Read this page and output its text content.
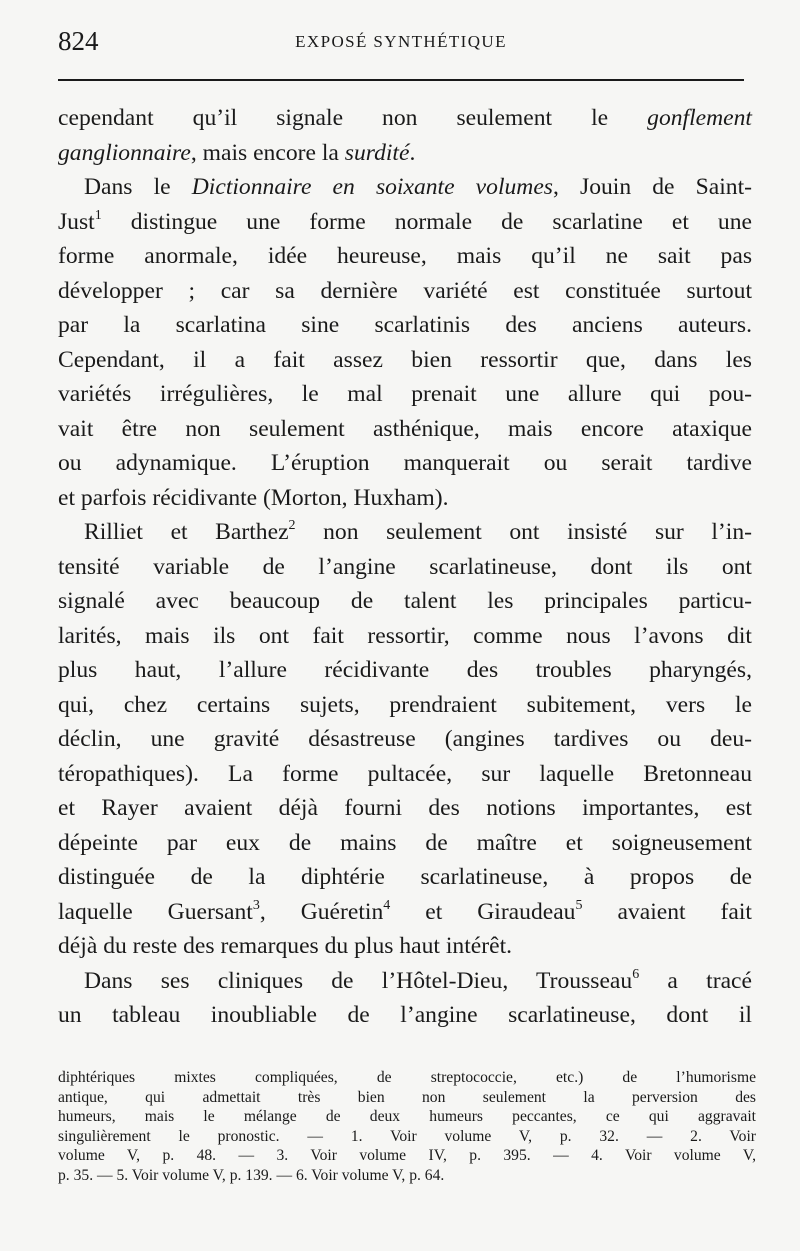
824	EXPOSÉ SYNTHÉTIQUE
cependant qu’il signale non seulement le gonflement
ganglionnaire, mais encore la surdité.
Dans le Dictionnaire en soixante volumes, Jouin de Saint-
Just$^1$ distingue une forme normale de scarlatine et une
forme anormale, idée heureuse, mais qu’il ne sait pas
développer ; car sa dernière variété est constituée surtout
par la scarlatina sine scarlatinis des anciens auteurs.
Cependant, il a fait assez bien ressortir que, dans les
variétés irrégulières, le mal prenait une allure qui pou-
vait être non seulement asthénique, mais encore ataxique
ou adynamique. L’éruption manquerait ou serait tardive
et parfois récidivante (Morton, Huxham).
Rilliet et Barthez$^2$ non seulement ont insisté sur l’in-
tensité variable de l’angine scarlatineuse, dont ils ont
signalé avec beaucoup de talent les principales particu-
larités, mais ils ont fait ressortir, comme nous l’avons dit
plus haut, l’allure récidivante des troubles pharyngés,
qui, chez certains sujets, prendraient subitement, vers le
déclin, une gravité désastreuse (angines tardives ou deu-
téropathiques). La forme pultacée, sur laquelle Bretonneau
et Rayer avaient déjà fourni des notions importantes, est
dépeinte par eux de mains de maître et soigneusement
distinguée de la diphtérie scarlatineuse, à propos de
laquelle Guersant$^3$, Guéretin$^4$ et Giraudeau$^5$ avaient fait
déjà du reste des remarques du plus haut intérêt.
Dans ses cliniques de l’Hôtel-Dieu, Trousseau$^6$ a tracé
un tableau inoubliable de l’angine scarlatineuse, dont il
diphtériques mixtes compliquées, de streptococcie, etc.) de l’humorisme
antique, qui admettait très bien non seulement la perversion des
humeurs, mais le mélange de deux humeurs peccantes, ce qui aggravait
singulièrement le pronostic. — 1. Voir volume V, p. 32. — 2. Voir
volume V, p. 48. — 3. Voir volume IV, p. 395. — 4. Voir volume V,
p. 35. — 5. Voir volume V, p. 139. — 6. Voir volume V, p. 64.
